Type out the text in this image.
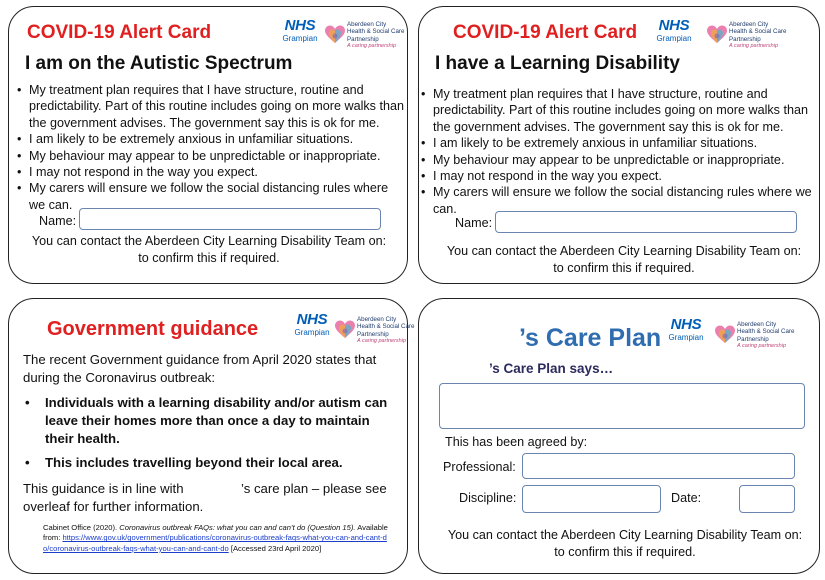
COVID-19 Alert Card	NHS
Grampian
Aberdeen City
Health & Social Care
Partnership
A caring partnership
I am on the Autistic Spectrum
• My treatment plan requires that I have structure, routine and predictability. Part of this routine includes going on more walks than the government advises. The government say this is ok for me.
• I am likely to be extremely anxious in unfamiliar situations.
• My behaviour may appear to be unpredictable or inappropriate.
• I may not respond in the way you expect.
• My carers will ensure we follow the social distancing rules where we can.
Name:
You can contact the Aberdeen City Learning Disability Team on:
to confirm this if required.
COVID-19 Alert Card	NHS
Grampian
Aberdeen City
Health & Social Care
Partnership
A caring partnership
I have a Learning Disability
• My treatment plan requires that I have structure, routine and predictability. Part of this routine includes going on more walks than the government advises. The government say this is ok for me.
• I am likely to be extremely anxious in unfamiliar situations.
• My behaviour may appear to be unpredictable or inappropriate.
• I may not respond in the way you expect.
• My carers will ensure we follow the social distancing rules where we can.
Name:
You can contact the Aberdeen City Learning Disability Team on:
to confirm this if required.
Government guidance	NHS
Grampian
Aberdeen City
Health & Social Care
Partnership
A caring partnership
The recent Government guidance from April 2020 states that during the Coronavirus outbreak:
• Individuals with a learning disability and/or autism can leave their homes more than once a day to maintain their health.
• This includes travelling beyond their local area.
This guidance is in line with	’s care plan – please see
overleaf for further information.
Cabinet Office (2020). Coronavirus outbreak FAQs: what you can and can’t do (Question 15). Available from: https://www.gov.uk/government/publications/coronavirus-outbreak-faqs-what-you-can-and-cant-do/coronavirus-outbreak-faqs-what-you-can-and-cant-do [Accessed 23rd April 2020]
’s Care Plan NHS
Grampian
Aberdeen City
Health & Social Care
Partnership
A caring partnership
’s Care Plan says…
This has been agreed by:
Professional:
Discipline:	Date:
You can contact the Aberdeen City Learning Disability Team on:
to confirm this if required.
